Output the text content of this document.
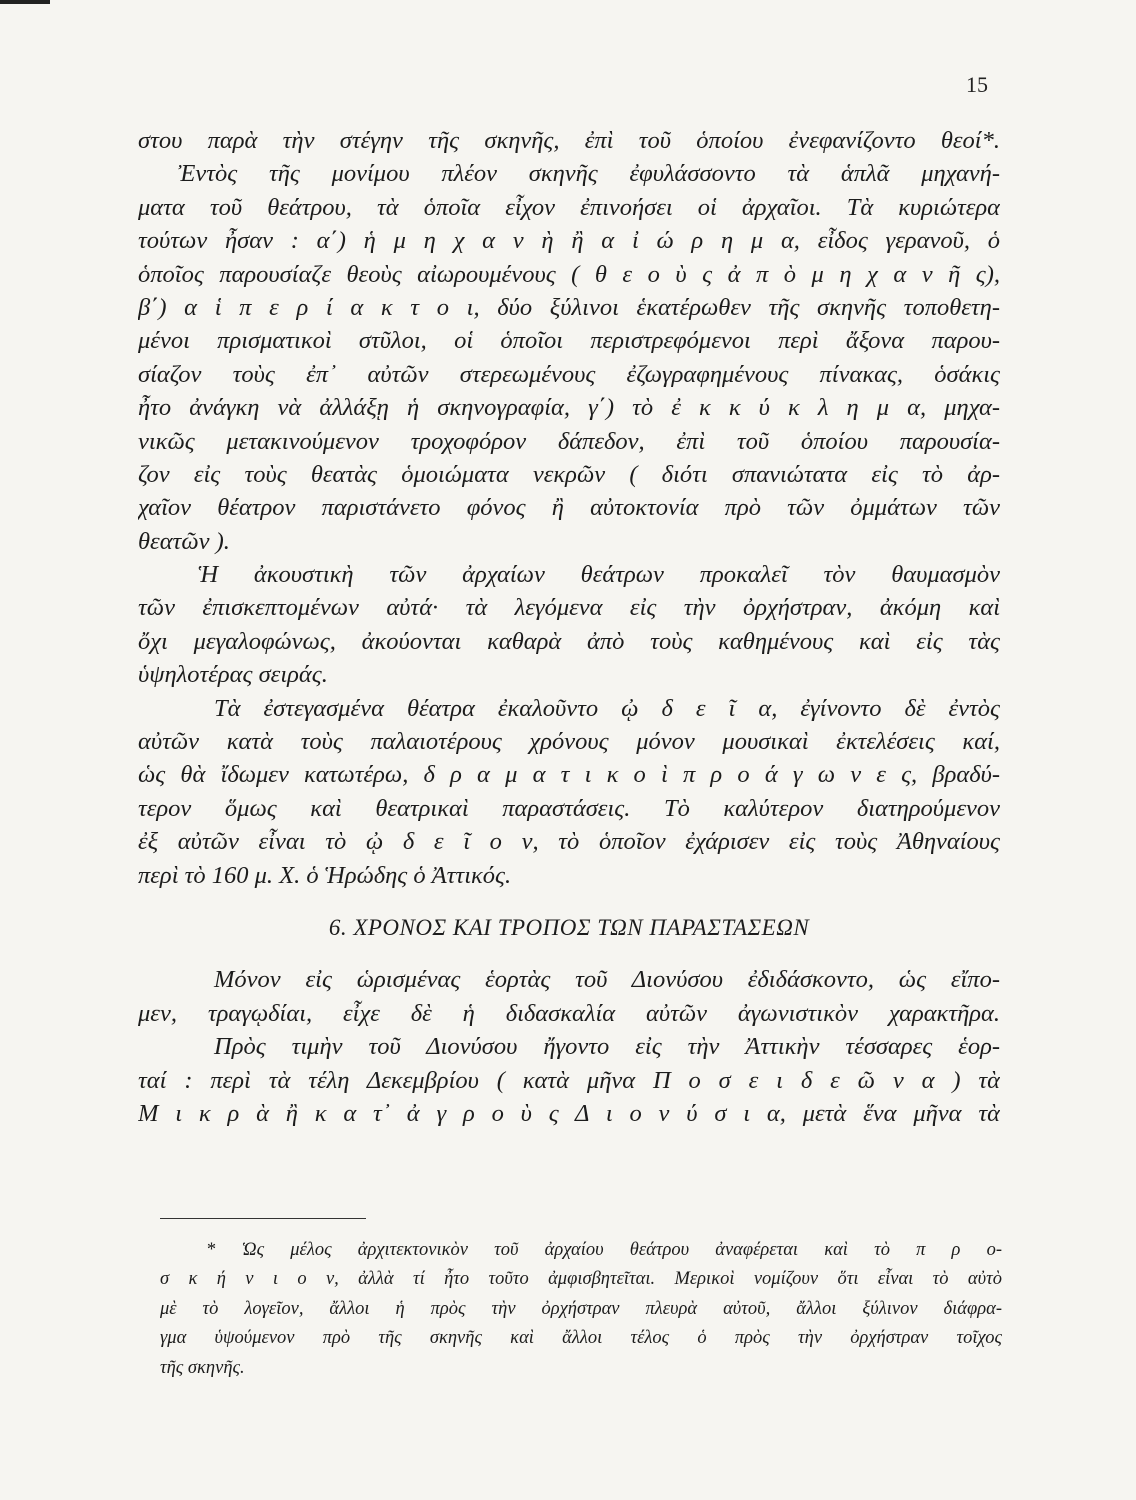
15
στου παρὰ τὴν στέγην τῆς σκηνῆς, ἐπὶ τοῦ ὁποίου ἐνεφανίζοντο θεοί*.
Ἐντὸς τῆς μονίμου πλέον σκηνῆς ἐφυλάσσοντο τὰ ἁπλᾶ μηχανή-
ματα τοῦ θεάτρου, τὰ ὁποῖα εἶχον ἐπινοήσει οἱ ἀρχαῖοι. Τὰ κυριώτερα
τούτων ἦσαν : α΄) ἡ μ η χ α ν ὴ ἢ α ἰ ώ ρ η μ α, εἶδος γερανοῦ, ὁ
ὁποῖος παρουσίαζε θεοὺς αἰωρουμένους ( θ ε ο ὺ ς ἀ π ὸ μ η χ α ν ῆ ς),
β΄) α ἱ π ε ρ ί α κ τ ο ι, δύο ξύλινοι ἑκατέρωθεν τῆς σκηνῆς τοποθετη-
μένοι πρισματικοὶ στῦλοι, οἱ ὁποῖοι περιστρεφόμενοι περὶ ἄξονα παρου-
σίαζον τοὺς ἐπ᾽ αὐτῶν στερεωμένους ἐζωγραφημένους πίνακας, ὁσάκις
ἦτο ἀνάγκη νὰ ἀλλάξῃ ἡ σκηνογραφία, γ΄) τὸ ἐ κ κ ύ κ λ η μ α, μηχα-
νικῶς μετακινούμενον τροχοφόρον δάπεδον, ἐπὶ τοῦ ὁποίου παρουσία-
ζον εἰς τοὺς θεατὰς ὁμοιώματα νεκρῶν ( διότι σπανιώτατα εἰς τὸ ἀρ-
χαῖον θέατρον παριστάνετο φόνος ἢ αὐτοκτονία πρὸ τῶν ὀμμάτων τῶν
θεατῶν ).
Ἡ ἀκουστικὴ τῶν ἀρχαίων θεάτρων προκαλεῖ τὸν θαυμασμὸν
τῶν ἐπισκεπτομένων αὐτά· τὰ λεγόμενα εἰς τὴν ὀρχήστραν, ἀκόμη καὶ
ὄχι μεγαλοφώνως, ἀκούονται καθαρὰ ἀπὸ τοὺς καθημένους καὶ εἰς τὰς
ὑψηλοτέρας σειράς.
Τὰ ἐστεγασμένα θέατρα ἐκαλοῦντο ᾠ δ ε ῖ α, ἐγίνοντο δὲ ἐντὸς
αὐτῶν κατὰ τοὺς παλαιοτέρους χρόνους μόνον μουσικαὶ ἐκτελέσεις καί,
ὡς θὰ ἴδωμεν κατωτέρω, δ ρ α μ α τ ι κ ο ὶ π ρ ο ά γ ω ν ε ς, βραδύ-
τερον ὅμως καὶ θεατρικαὶ παραστάσεις. Τὸ καλύτερον διατηρούμενον
ἐξ αὐτῶν εἶναι τὸ ᾠ δ ε ῖ ο ν, τὸ ὁποῖον ἐχάρισεν εἰς τοὺς Ἀθηναίους
περὶ τὸ 160 μ. Χ. ὁ Ἡρώδης ὁ Ἀττικός.
6. ΧΡΟΝΟΣ ΚΑΙ ΤΡΟΠΟΣ ΤΩΝ ΠΑΡΑΣΤΑΣΕΩΝ
Μόνον εἰς ὡρισμένας ἑορτὰς τοῦ Διονύσου ἐδιδάσκοντο, ὡς εἴπο-
μεν, τραγῳδίαι, εἶχε δὲ ἡ διδασκαλία αὐτῶν ἀγωνιστικὸν χαρακτῆρα.
Πρὸς τιμὴν τοῦ Διονύσου ἤγοντο εἰς τὴν Ἀττικὴν τέσσαρες ἑορ-
ταί : περὶ τὰ τέλη Δεκεμβρίου ( κατὰ μῆνα Π ο σ ε ι δ ε ῶ ν α ) τὰ
Μ ι κ ρ ὰ ἢ κ α τ᾽ ἀ γ ρ ο ὺ ς Δ ι ο ν ύ σ ι α, μετὰ ἕνα μῆνα τὰ
* Ὡς μέλος ἀρχιτεκτονικὸν τοῦ ἀρχαίου θεάτρου ἀναφέρεται καὶ τὸ π ρ ο-
σ κ ή ν ι ο ν, ἀλλὰ τί ἦτο τοῦτο ἀμφισβητεῖται. Μερικοὶ νομίζουν ὅτι εἶναι τὸ αὐτὸ
μὲ τὸ λογεῖον, ἄλλοι ἡ πρὸς τὴν ὀρχήστραν πλευρὰ αὐτοῦ, ἄλλοι ξύλινον διάφρα-
γμα ὑψούμενον πρὸ τῆς σκηνῆς καὶ ἄλλοι τέλος ὁ πρὸς τὴν ὀρχήστραν τοῖχος
τῆς σκηνῆς.
